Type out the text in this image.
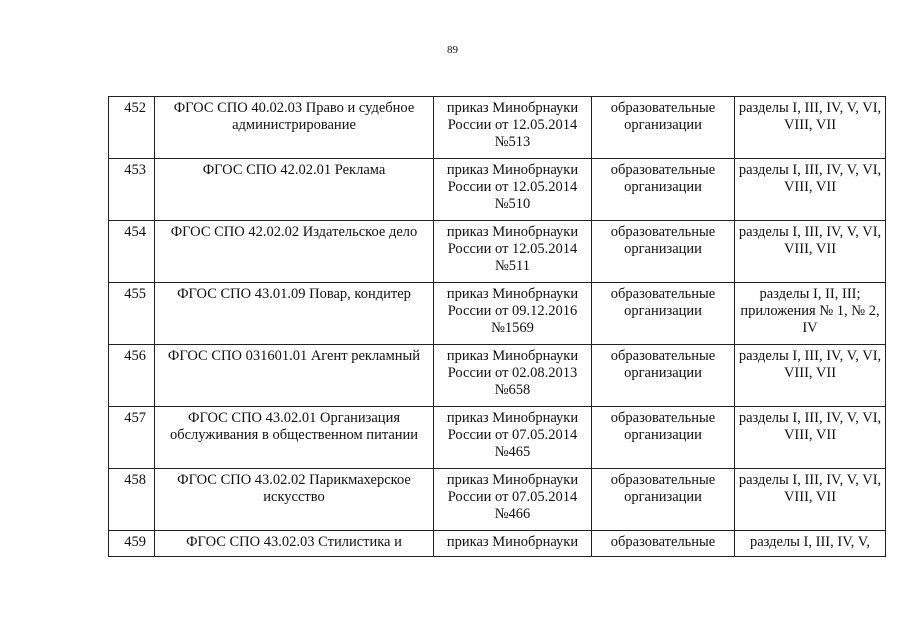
89
452	ФГОС СПО 40.02.03 Право и судебное администрирование	приказ Минобрнауки России от 12.05.2014 №513	образовательные организации	разделы I, III, IV, V, VI, VIII, VII
453	ФГОС СПО 42.02.01 Реклама	приказ Минобрнауки России от 12.05.2014 №510	образовательные организации	разделы I, III, IV, V, VI, VIII, VII
454	ФГОС СПО 42.02.02 Издательское дело	приказ Минобрнауки России от 12.05.2014 №511	образовательные организации	разделы I, III, IV, V, VI, VIII, VII
455	ФГОС СПО 43.01.09 Повар, кондитер	приказ Минобрнауки России от 09.12.2016 №1569	образовательные организации	разделы I, II, III; приложения № 1, № 2, IV
456	ФГОС СПО 031601.01 Агент рекламный	приказ Минобрнауки России от 02.08.2013 №658	образовательные организации	разделы I, III, IV, V, VI, VIII, VII
457	ФГОС СПО 43.02.01 Организация обслуживания в общественном питании	приказ Минобрнауки России от 07.05.2014 №465	образовательные организации	разделы I, III, IV, V, VI, VIII, VII
458	ФГОС СПО 43.02.02 Парикмахерское искусство	приказ Минобрнауки России от 07.05.2014 №466	образовательные организации	разделы I, III, IV, V, VI, VIII, VII
459	ФГОС СПО 43.02.03 Стилистика и	приказ Минобрнауки	образовательные	разделы I, III, IV, V,
